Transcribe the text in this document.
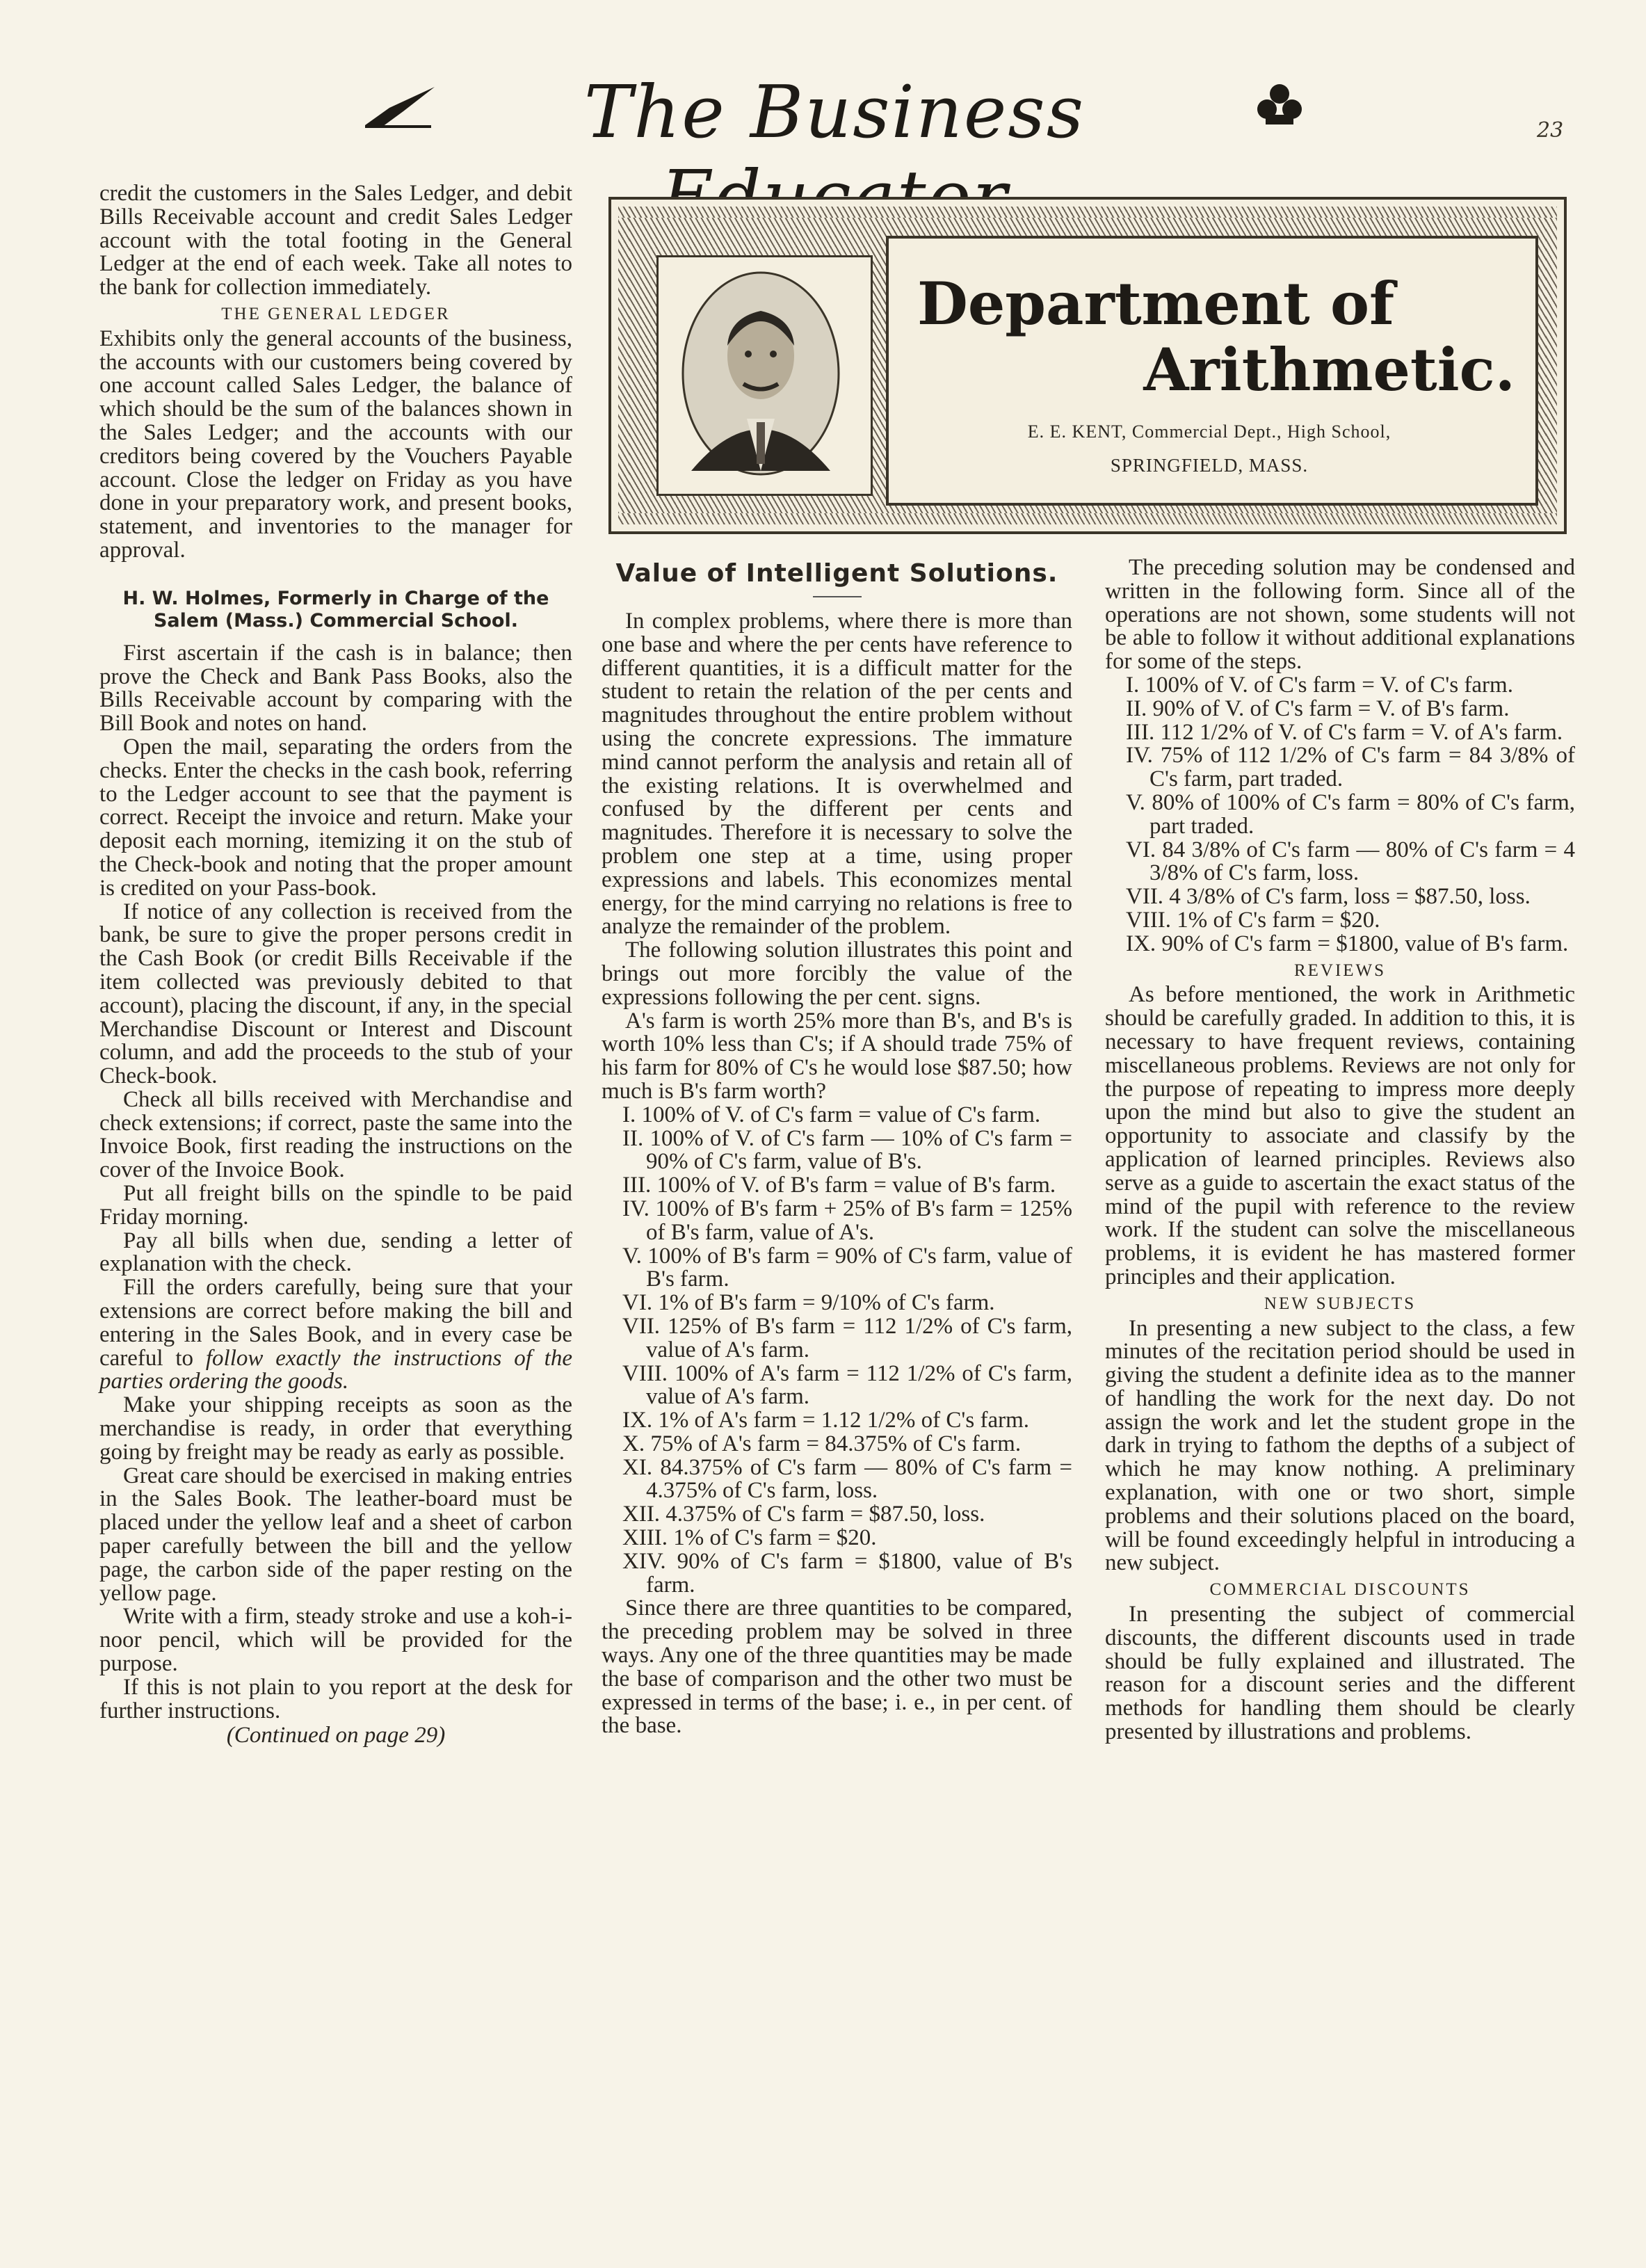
The Business	23

credit the customers in the Sales Ledger, and debit Bills Receivable account and credit Sales Ledger account with the total footing in the General Ledger at the end of each week. Take all notes to the bank for collection immediately.

THE GENERAL LEDGER

Exhibits only the general accounts of the business, the accounts with our customers being covered by one account called Sales Ledger, the balance of which should be the sum of the balances shown in the Sales Ledger; and the accounts with our creditors being covered by the Vouchers Payable account. Close the ledger on Friday as you have done in your preparatory work, and present books, statement, and inventories to the manager for approval.

H. W. Holmes, Formerly in Charge of the Salem (Mass.) Commercial School.

First ascertain if the cash is in balance; then prove the Check and Bank Pass Books, also the Bills Receivable account by comparing with the Bill Book and notes on hand.

Open the mail, separating the orders from the checks. Enter the checks in the cash book, referring to the Ledger account to see that the payment is correct. Receipt the invoice and return. Make your deposit each morning, itemizing it on the stub of the Check-book and noting that the proper amount is credited on your Pass-book.

If notice of any collection is received from the bank, be sure to give the proper persons credit in the Cash Book (or credit Bills Receivable if the item collected was previously debited to that account), placing the discount, if any, in the special Merchandise Discount or Interest and Discount column, and add the proceeds to the stub of your Check-book.

Check all bills received with Merchandise and check extensions; if correct, paste the same into the Invoice Book, first reading the instructions on the cover of the Invoice Book.

Put all freight bills on the spindle to be paid Friday morning.

Pay all bills when due, sending a letter of explanation with the check.

Fill the orders carefully, being sure that your extensions are correct before making the bill and entering in the Sales Book, and in every case be careful to follow exactly the instructions of the parties ordering the goods.

Make your shipping receipts as soon as the merchandise is ready, in order that everything going by freight may be ready as early as possible.

Great care should be exercised in making entries in the Sales Book. The leather-board must be placed under the yellow leaf and a sheet of carbon paper carefully between the bill and the yellow page, the carbon side of the paper resting on the yellow page.

Write with a firm, steady stroke and use a koh-i-noor pencil, which will be provided for the purpose.

If this is not plain to you report at the desk for further instructions.

(Continued on page 29)
Department of
Arithmetic.
E. E. KENT, Commercial Dept., High School,
SPRINGFIELD, MASS.
Value of Intelligent Solutions.

In complex problems, where there is more than one base and where the per cents have reference to different quantities, it is a difficult matter for the student to retain the relation of the per cents and magnitudes throughout the entire problem without using the concrete expressions. The immature mind cannot perform the analysis and retain all of the existing relations. It is overwhelmed and confused by the different per cents and magnitudes. Therefore it is necessary to solve the problem one step at a time, using proper expressions and labels. This economizes mental energy, for the mind carrying no relations is free to analyze the remainder of the problem.

The following solution illustrates this point and brings out more forcibly the value of the expressions following the per cent. signs.

A's farm is worth 25% more than B's, and B's is worth 10% less than C's; if A should trade 75% of his farm for 80% of C's he would lose $87.50; how much is B's farm worth?

I. 100% of V. of C's farm = value of C's farm.
II. 100% of V. of C's farm — 10% of C's farm = 90% of C's farm, value of B's.
III. 100% of V. of B's farm = value of B's farm.
IV. 100% of B's farm + 25% of B's farm = 125% of B's farm, value of A's.
V. 100% of B's farm = 90% of C's farm, value of B's farm.
VI. 1% of B's farm = 9/10% of C's farm.
VII. 125% of B's farm = 112 1/2% of C's farm, value of A's farm.
VIII. 100% of A's farm = 112 1/2% of C's farm, value of A's farm.
IX. 1% of A's farm = 1.12 1/2% of C's farm.
X. 75% of A's farm = 84.375% of C's farm.
XI. 84.375% of C's farm — 80% of C's farm = 4.375% of C's farm, loss.
XII. 4.375% of C's farm = $87.50, loss.
XIII. 1% of C's farm = $20.
XIV. 90% of C's farm = $1800, value of B's farm.

Since there are three quantities to be compared, the preceding problem may be solved in three ways. Any one of the three quantities may be made the base of comparison and the other two must be expressed in terms of the base; i. e., in per cent. of the base.

The preceding solution may be condensed and written in the following form. Since all of the operations are not shown, some students will not be able to follow it without additional explanations for some of the steps.

I. 100% of V. of C's farm = V. of C's farm.
II. 90% of V. of C's farm = V. of B's farm.
III. 112 1/2% of V. of C's farm = V. of A's farm.
IV. 75% of 112 1/2% of C's farm = 84 3/8% of C's farm, part traded.
V. 80% of 100% of C's farm = 80% of C's farm, part traded.
VI. 84 3/8% of C's farm — 80% of C's farm = 4 3/8% of C's farm, loss.
VII. 4 3/8% of C's farm, loss = $87.50, loss.
VIII. 1% of C's farm = $20.
IX. 90% of C's farm = $1800, value of B's farm.
REVIEWS

As before mentioned, the work in Arithmetic should be carefully graded. In addition to this, it is necessary to have frequent reviews, containing miscellaneous problems. Reviews are not only for the purpose of repeating to impress more deeply upon the mind but also to give the student an opportunity to associate and classify by the application of learned principles. Reviews also serve as a guide to ascertain the exact status of the mind of the pupil with reference to the review work. If the student can solve the miscellaneous problems, it is evident he has mastered former principles and their application.

NEW SUBJECTS

In presenting a new subject to the class, a few minutes of the recitation period should be used in giving the student a definite idea as to the manner of handling the work for the next day. Do not assign the work and let the student grope in the dark in trying to fathom the depths of a subject of which he may know nothing. A preliminary explanation, with one or two short, simple problems and their solutions placed on the board, will be found exceedingly helpful in introducing a new subject.

COMMERCIAL DISCOUNTS

In presenting the subject of commercial discounts, the different discounts used in trade should be fully explained and illustrated. The reason for a discount series and the different methods for handling them should be clearly presented by illustrations and problems.
